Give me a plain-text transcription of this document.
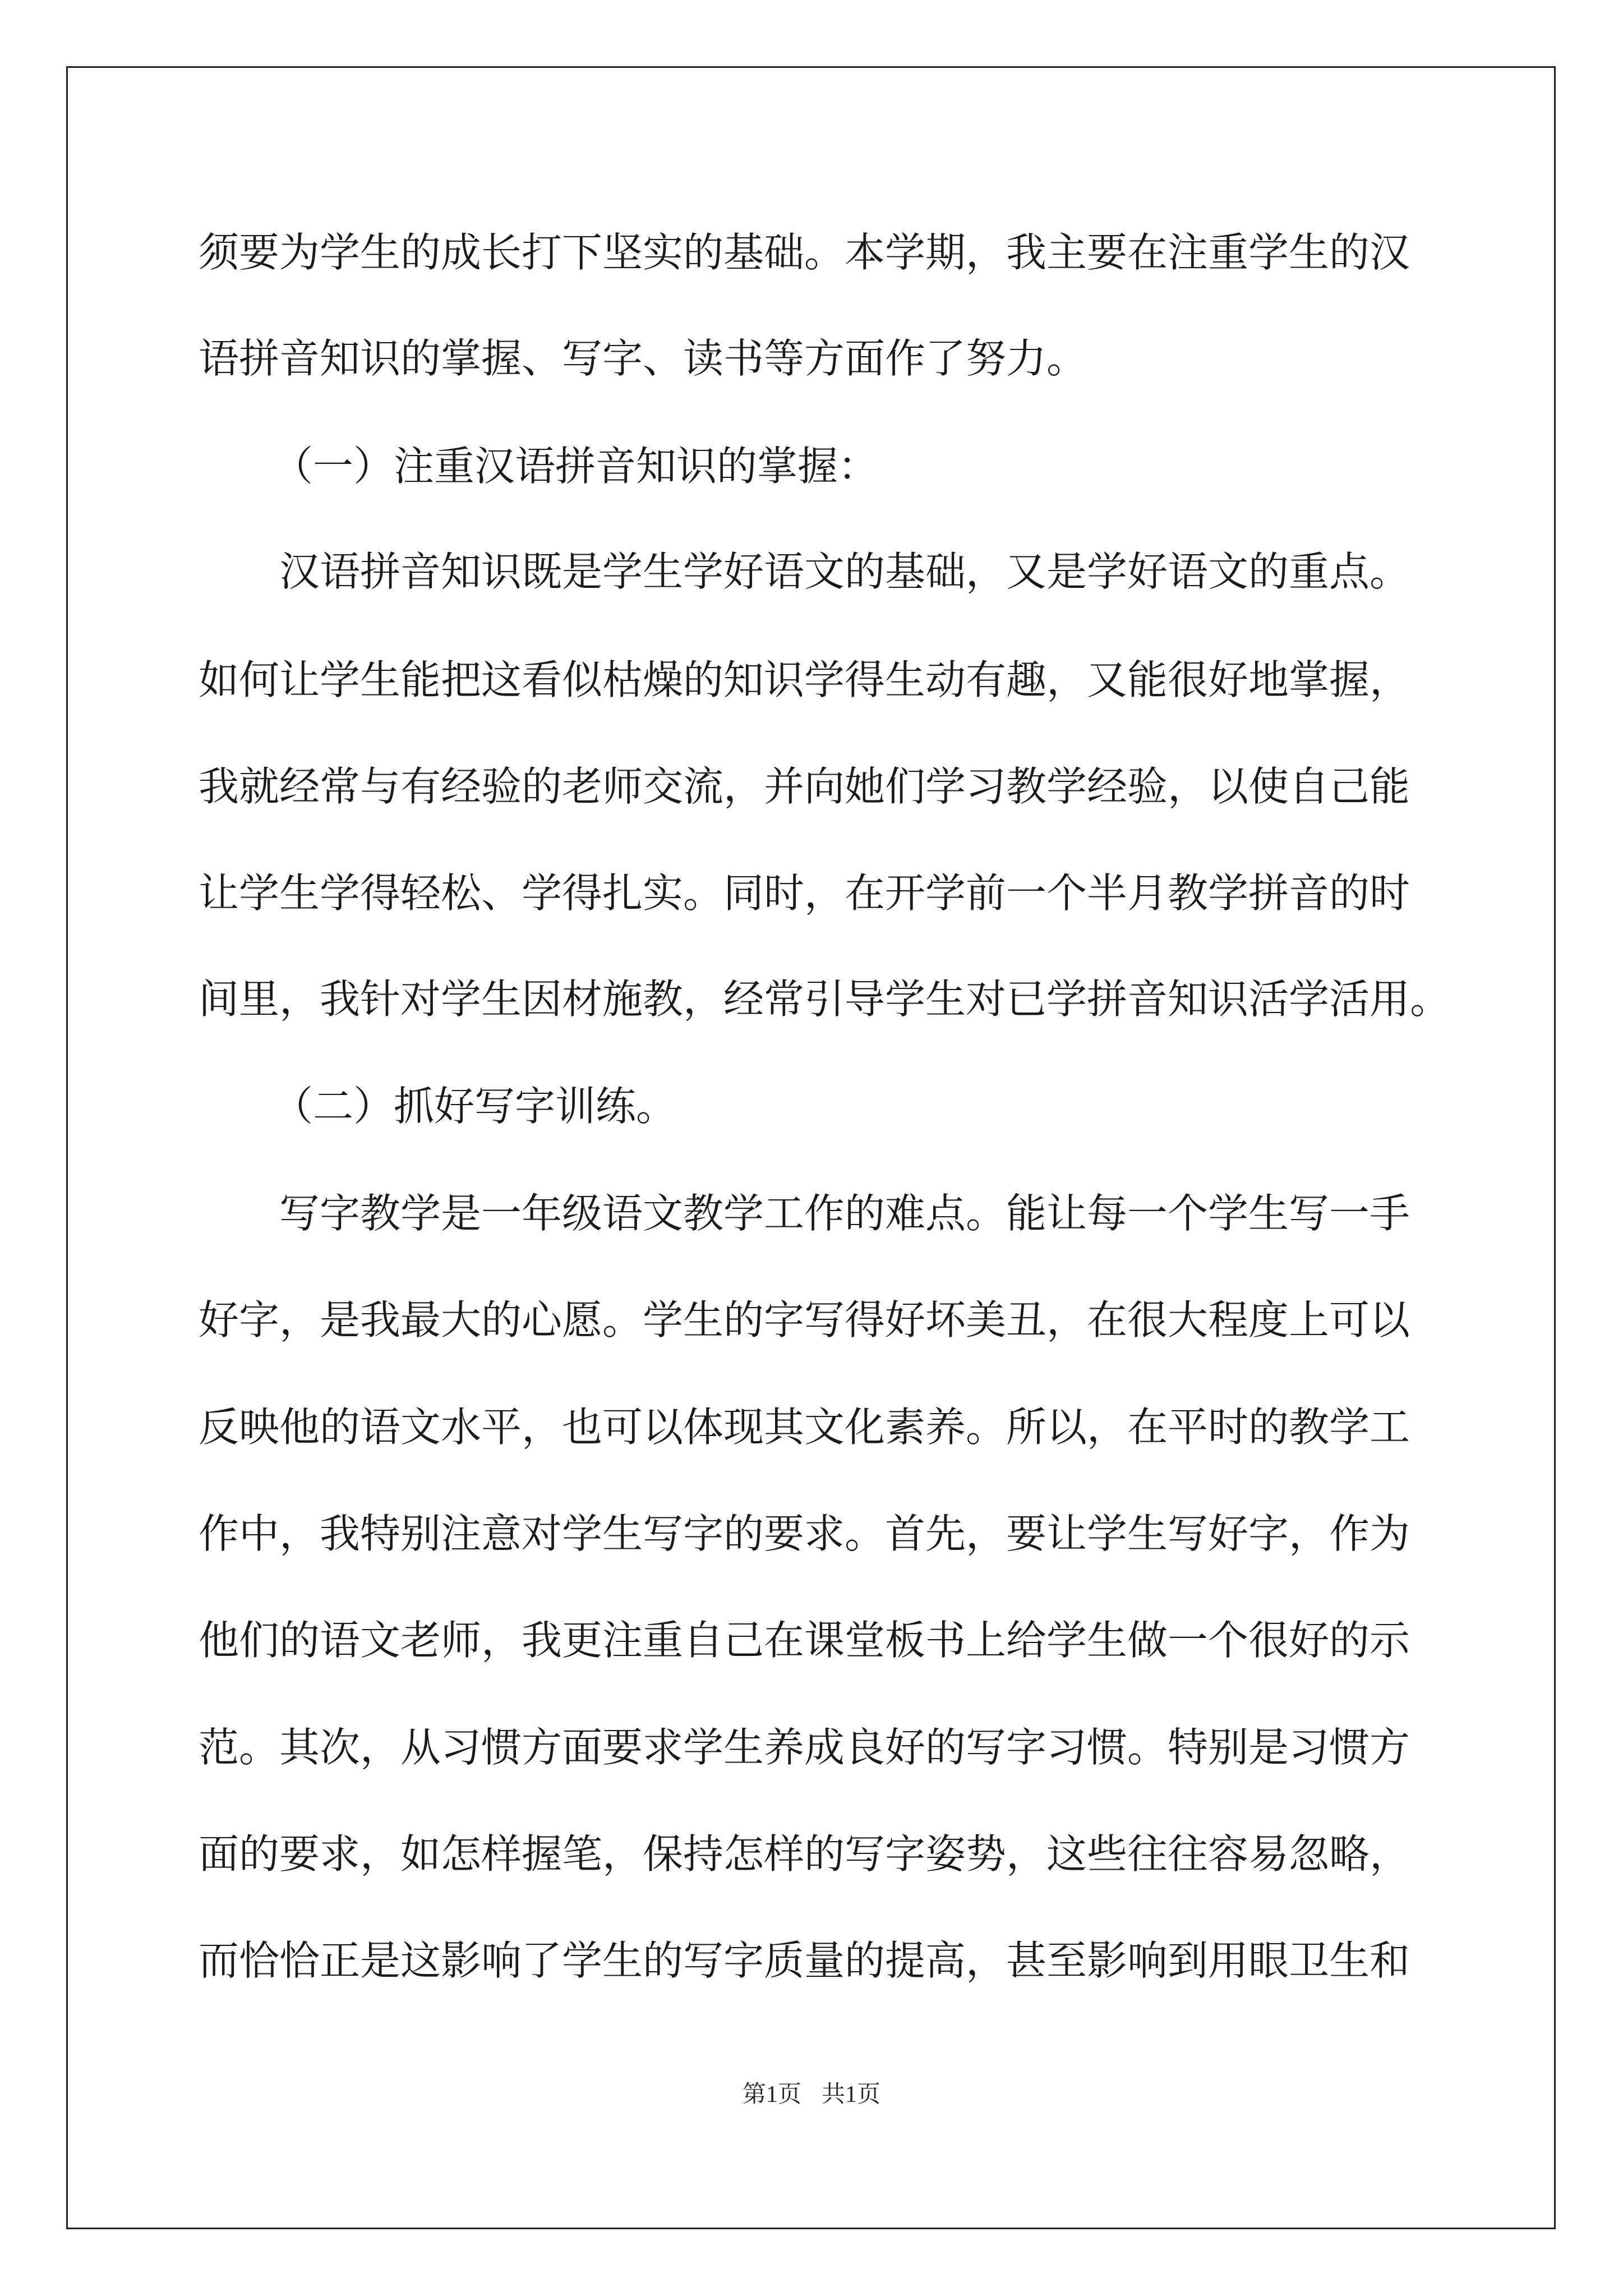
须要为学生的成长打下坚实的基础。本学期，我主要在注重学生的汉
语拼音知识的掌握、写字、读书等方面作了努力。
（一）注重汉语拼音知识的掌握：
汉语拼音知识既是学生学好语文的基础，又是学好语文的重点。
如何让学生能把这看似枯燥的知识学得生动有趣，又能很好地掌握，
我就经常与有经验的老师交流，并向她们学习教学经验，以使自己能
让学生学得轻松、学得扎实。同时，在开学前一个半月教学拼音的时
间里，我针对学生因材施教，经常引导学生对已学拼音知识活学活用。
（二）抓好写字训练。
写字教学是一年级语文教学工作的难点。能让每一个学生写一手
好字，是我最大的心愿。学生的字写得好坏美丑，在很大程度上可以
反映他的语文水平，也可以体现其文化素养。所以，在平时的教学工
作中，我特别注意对学生写字的要求。首先，要让学生写好字，作为
他们的语文老师，我更注重自己在课堂板书上给学生做一个很好的示
范。其次，从习惯方面要求学生养成良好的写字习惯。特别是习惯方
面的要求，如怎样握笔，保持怎样的写字姿势，这些往往容易忽略，
而恰恰正是这影响了学生的写字质量的提高，甚至影响到用眼卫生和
第1页 共1页
